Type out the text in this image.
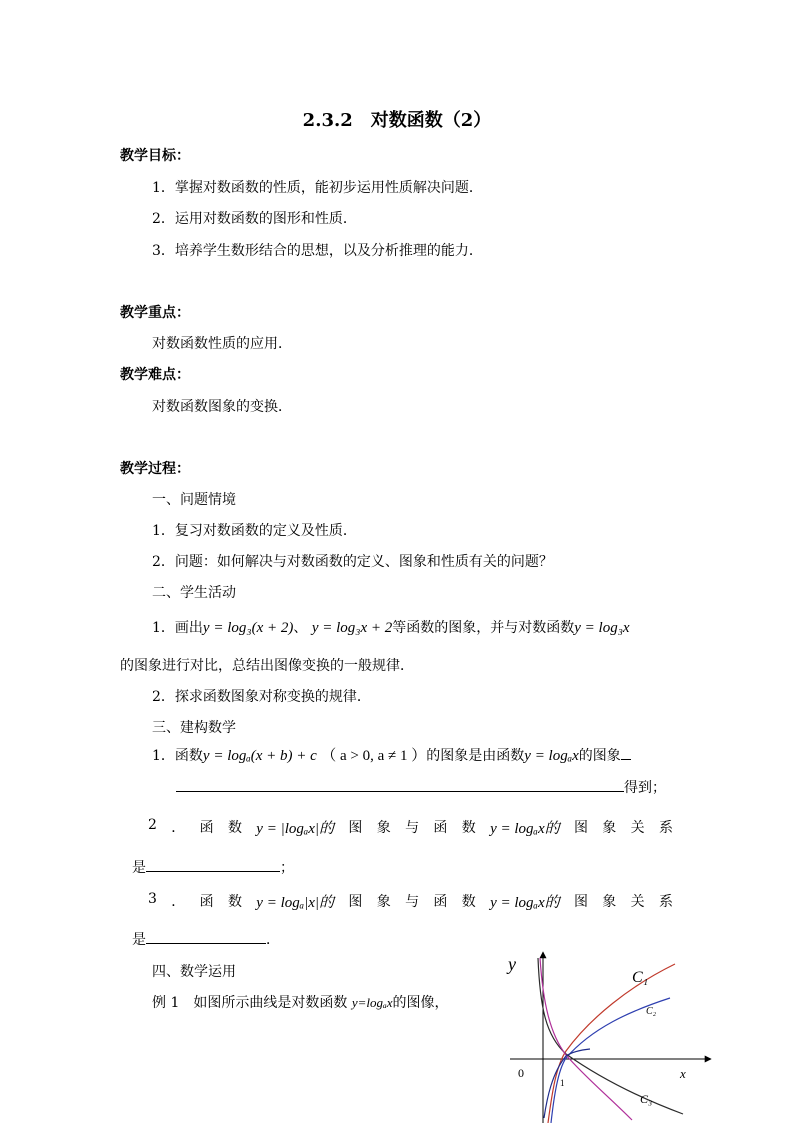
2.3.2　对数函数（2）
教学目标：
1．掌握对数函数的性质，能初步运用性质解决问题．
2．运用对数函数的图形和性质．
3．培养学生数形结合的思想，以及分析推理的能力．
教学重点：
对数函数性质的应用．
教学难点：
对数函数图象的变换．
教学过程：
一、问题情境
1．复习对数函数的定义及性质．
2．问题：如何解决与对数函数的定义、图象和性质有关的问题？
二、学生活动
1．画出y = log₃(x + 2)、 y = log₃x + 2等函数的图象，并与对数函数y = log₃x
的图象进行对比，总结出图像变换的一般规律．
2．探求函数图象对称变换的规律．
三、建构数学
1．函数y = logₐ(x + b) + c （ a > 0, a ≠ 1 ）的图象是由函数y = logₐx的图象
得到；
2 ． 函 数 y = |logₐx|的 图 象 与 函 数 y = logₐx的 图 象 关 系
是	；
3 ． 函 数 y = logₐ|x|的 图 象 与 函 数 y = logₐx的 图 象 关 系
是	．
四、数学运用
例 1　如图所示曲线是对数函数 y=logₐx的图像，
y
x
0
1
C₁
C₂
C₃
